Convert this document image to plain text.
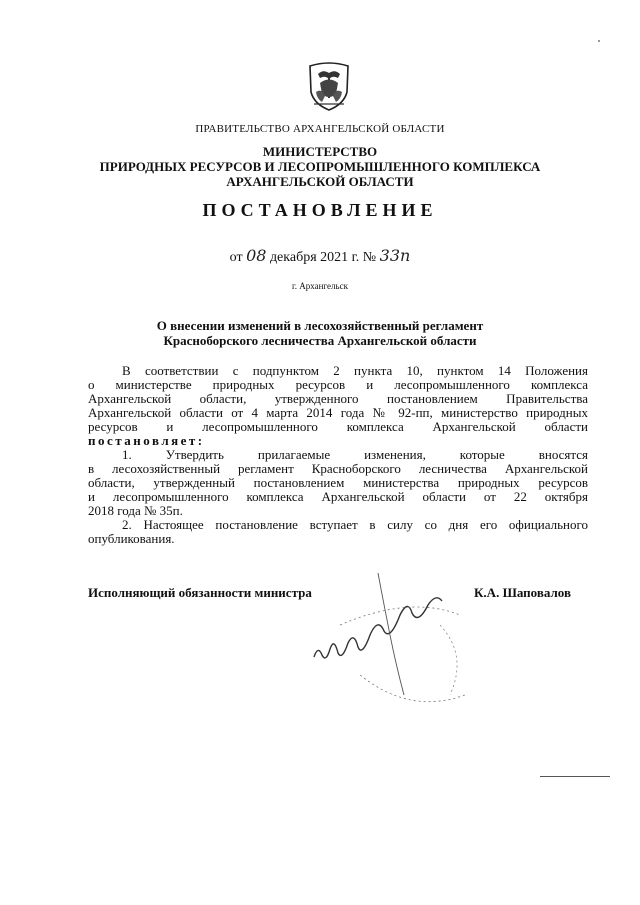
ПРАВИТЕЛЬСТВО АРХАНГЕЛЬСКОЙ ОБЛАСТИ
МИНИСТЕРСТВО
ПРИРОДНЫХ РЕСУРСОВ И ЛЕСОПРОМЫШЛЕННОГО КОМПЛЕКСА
АРХАНГЕЛЬСКОЙ ОБЛАСТИ
ПОСТАНОВЛЕНИЕ
от 08 декабря 2021 г. № 33п
г. Архангельск
О внесении изменений в лесохозяйственный регламент
Красноборского лесничества Архангельской области
В соответствии с подпунктом 2 пункта 10, пунктом 14 Положения
о министерстве природных ресурсов и лесопромышленного комплекса
Архангельской области, утвержденного постановлением Правительства
Архангельской области от 4 марта 2014 года № 92-пп, министерство природных
ресурсов и лесопромышленного комплекса Архангельской области
постановляет:
1. Утвердить прилагаемые изменения, которые вносятся
в лесохозяйственный регламент Красноборского лесничества Архангельской
области, утвержденный постановлением министерства природных ресурсов
и лесопромышленного комплекса Архангельской области от 22 октября
2018 года № 35п.
2. Настоящее постановление вступает в силу со дня его официального
опубликования.
Исполняющий обязанности министра	К.А. Шаповалов
